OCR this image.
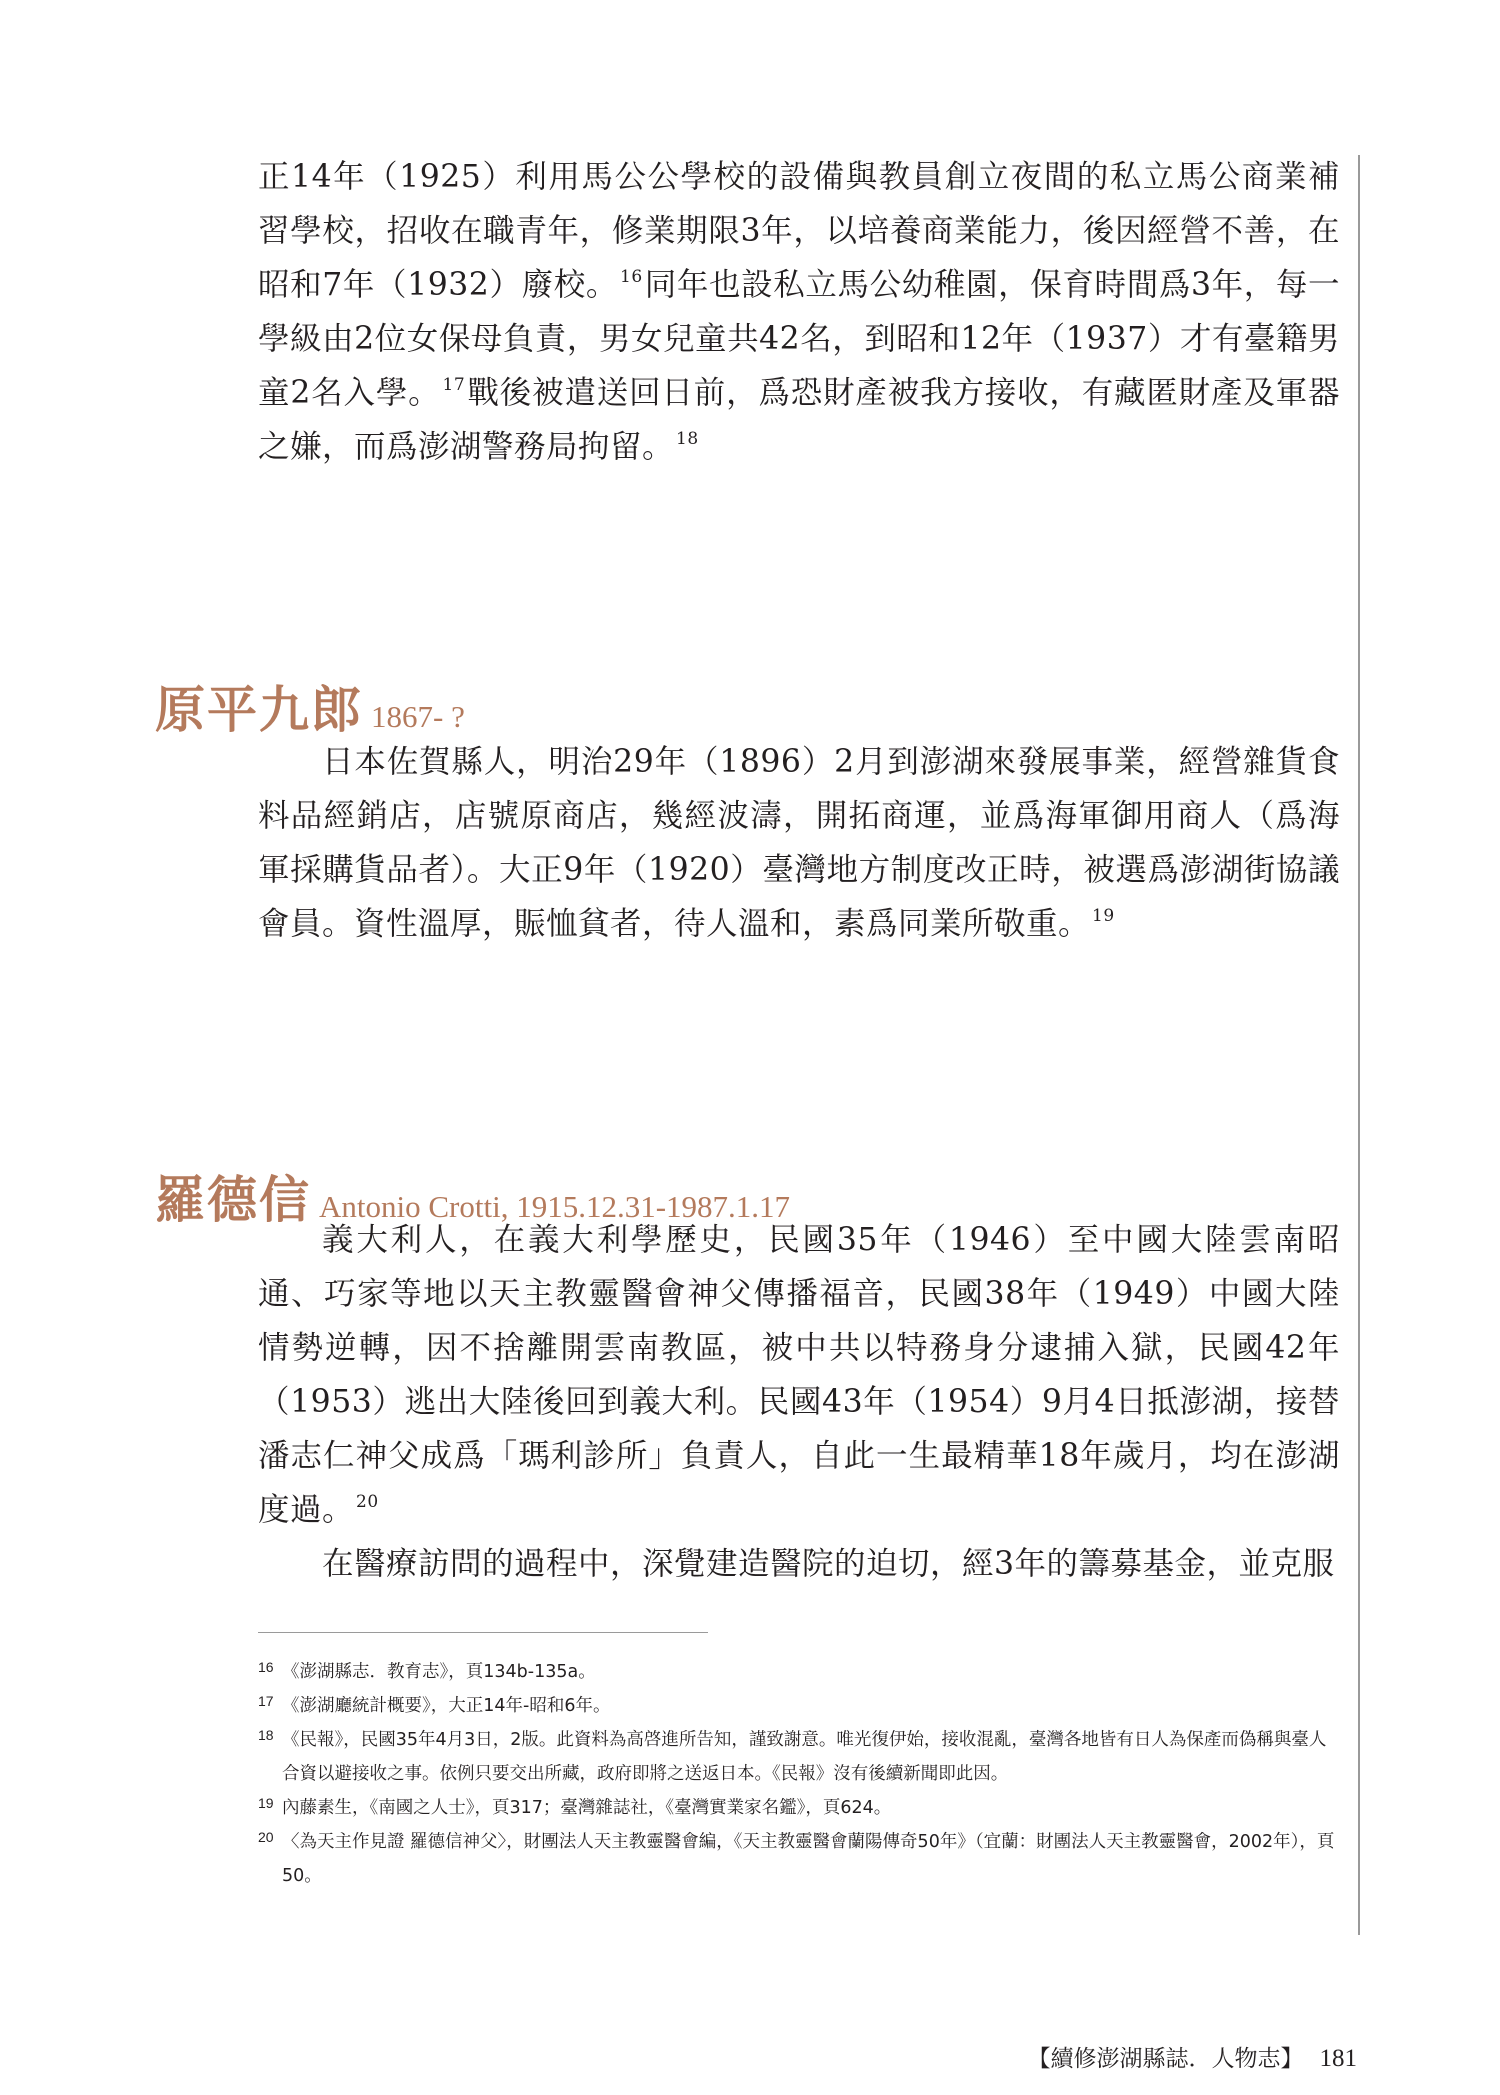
正14年（1925）利用馬公公學校的設備與教員創立夜間的私立馬公商業補習學校，招收在職青年，修業期限3年，以培養商業能力，後因經營不善，在昭和7年（1932）廢校。 $^{16}$同年也設私立馬公幼稚園，保育時間爲3年，每一學級由2位女保母負責，男女兒童共42名，到昭和12年（1937）才有臺籍男童2名入學。 $^{17}$戰後被遣送回日前，爲恐財產被我方接收，有藏匿財產及軍器之嫌，而爲澎湖警務局拘留。 $^{18}$

原平九郎 1867- ?

日本佐賀縣人，明治29年（1896）2月到澎湖來發展事業，經營雜貨食料品經銷店，店號原商店，幾經波濤，開拓商運，並爲海軍御用商人（爲海軍採購貨品者）。大正9年（1920）臺灣地方制度改正時，被選爲澎湖街協議會員。資性溫厚，賑恤貧者，待人溫和，素爲同業所敬重。 $^{19}$

羅德信 Antonio Crotti, 1915.12.31-1987.1.17

義大利人，在義大利學歷史，民國35年（1946）至中國大陸雲南昭通、巧家等地以天主教靈醫會神父傳播福音，民國38年（1949）中國大陸情勢逆轉，因不捨離開雲南教區，被中共以特務身分逮捕入獄，民國42年（1953）逃出大陸後回到義大利。民國43年（1954）9月4日抵澎湖，接替潘志仁神父成爲「瑪利診所」負責人，自此一生最精華18年歲月，均在澎湖度過。 $^{20}$

在醫療訪問的過程中，深覺建造醫院的迫切，經3年的籌募基金，並克服

16 《澎湖縣志．教育志》，頁134b-135a。
17 《澎湖廳統計概要》，大正14年-昭和6年。
18 《民報》，民國35年4月3日，2版。此資料為高啓進所告知，謹致謝意。唯光復伊始，接收混亂，臺灣各地皆有日人為保產而偽稱與臺人合資以避接收之事。依例只要交出所藏，政府即將之送返日本。《民報》沒有後續新聞即此因。
19 內藤素生，《南國之人士》，頁317；臺灣雜誌社，《臺灣實業家名鑑》，頁624。
20 〈為天主作見證 羅德信神父〉，財團法人天主教靈醫會編，《天主教靈醫會蘭陽傳奇50年》（宜蘭：財團法人天主教靈醫會，2002年），頁50。
【續修澎湖縣誌．人物志】 181
